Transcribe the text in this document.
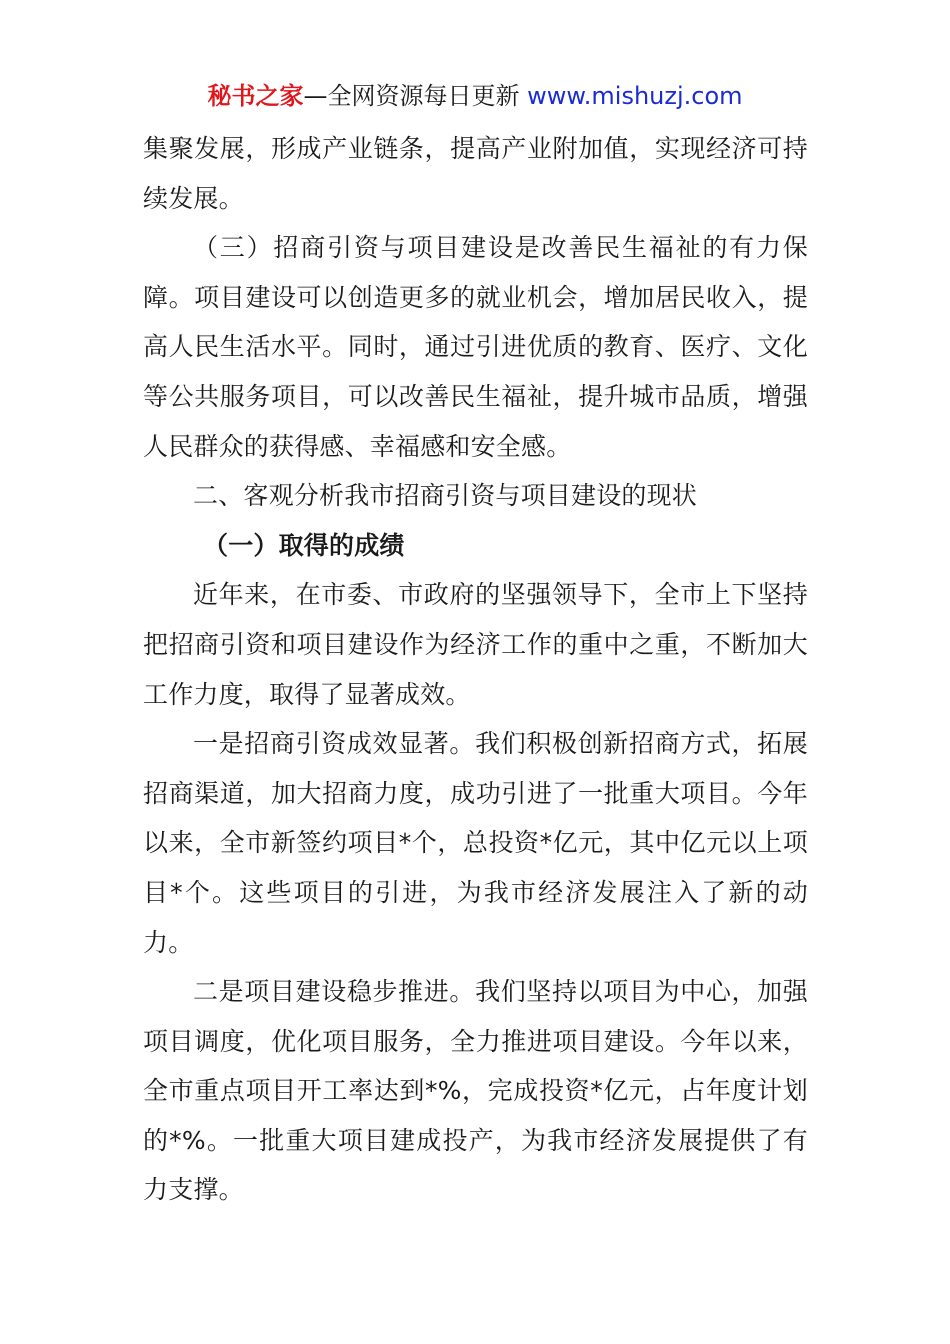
秘书之家—全网资源每日更新 www.mishuzj.com

集聚发展，形成产业链条，提高产业附加值，实现经济可持续发展。

（三）招商引资与项目建设是改善民生福祉的有力保障。项目建设可以创造更多的就业机会，增加居民收入，提高人民生活水平。同时，通过引进优质的教育、医疗、文化等公共服务项目，可以改善民生福祉，提升城市品质，增强人民群众的获得感、幸福感和安全感。

二、客观分析我市招商引资与项目建设的现状

（一）取得的成绩

近年来，在市委、市政府的坚强领导下，全市上下坚持把招商引资和项目建设作为经济工作的重中之重，不断加大工作力度，取得了显著成效。

一是招商引资成效显著。我们积极创新招商方式，拓展招商渠道，加大招商力度，成功引进了一批重大项目。今年以来，全市新签约项目*个，总投资*亿元，其中亿元以上项目*个。这些项目的引进，为我市经济发展注入了新的动力。

二是项目建设稳步推进。我们坚持以项目为中心，加强项目调度，优化项目服务，全力推进项目建设。今年以来，全市重点项目开工率达到*%，完成投资*亿元，占年度计划的*%。一批重大项目建成投产，为我市经济发展提供了有力支撑。
